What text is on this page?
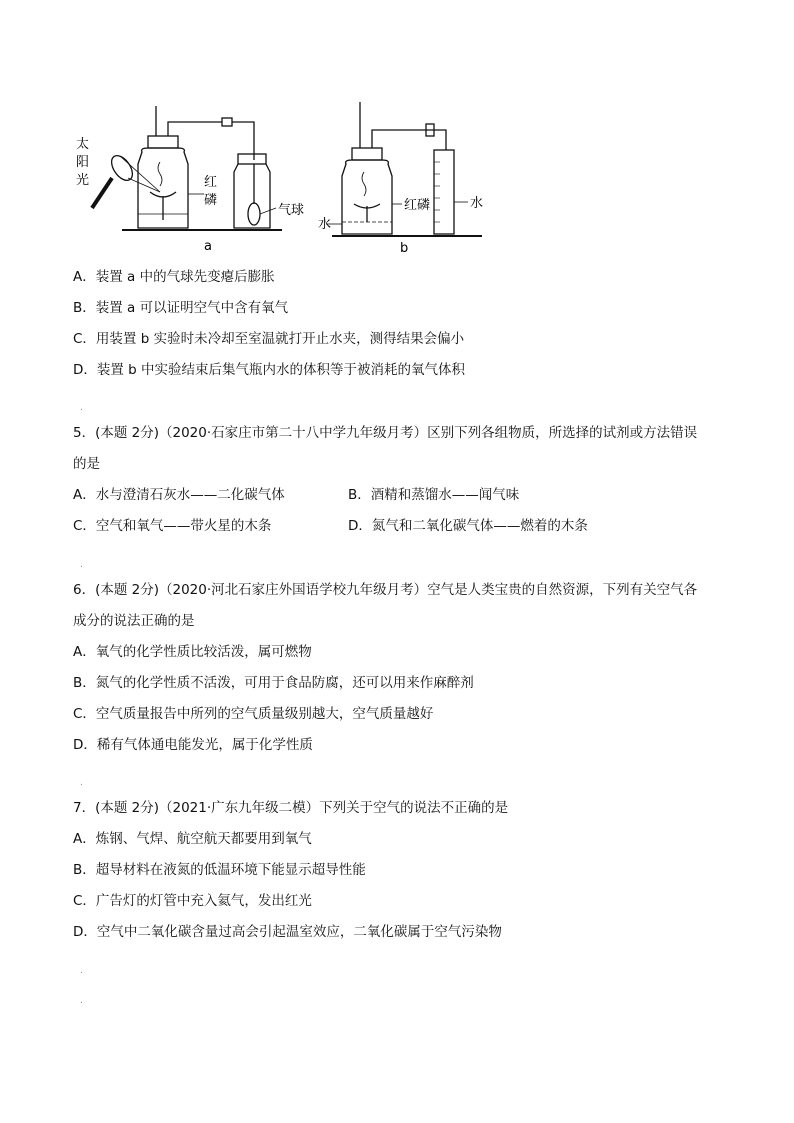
太
阳
光	红
磷
气球
a
红磷
水
水
b
A．装置 a 中的气球先变瘪后膨胀
B．装置 a 可以证明空气中含有氧气
C．用装置 b 实验时未冷却至室温就打开止水夹，测得结果会偏小
D．装置 b 中实验结束后集气瓶内水的体积等于被消耗的氧气体积
.
5．(本题 2分)（2020·石家庄市第二十八中学九年级月考）区别下列各组物质，所选择的试剂或方法错误
的是
A．水与澄清石灰水——二化碳气体	B．酒精和蒸馏水——闻气味
C．空气和氧气——带火星的木条	D．氮气和二氧化碳气体——燃着的木条
.
6．(本题 2分)（2020·河北石家庄外国语学校九年级月考）空气是人类宝贵的自然资源，下列有关空气各
成分的说法正确的是
A．氧气的化学性质比较活泼，属可燃物
B．氮气的化学性质不活泼，可用于食品防腐，还可以用来作麻醉剂
C．空气质量报告中所列的空气质量级别越大，空气质量越好
D．稀有气体通电能发光，属于化学性质
.
7．(本题 2分)（2021·广东九年级二模）下列关于空气的说法不正确的是
A．炼钢、气焊、航空航天都要用到氧气
B．超导材料在液氮的低温环境下能显示超导性能
C．广告灯的灯管中充入氦气，发出红光
D．空气中二氧化碳含量过高会引起温室效应，二氧化碳属于空气污染物
.
.
